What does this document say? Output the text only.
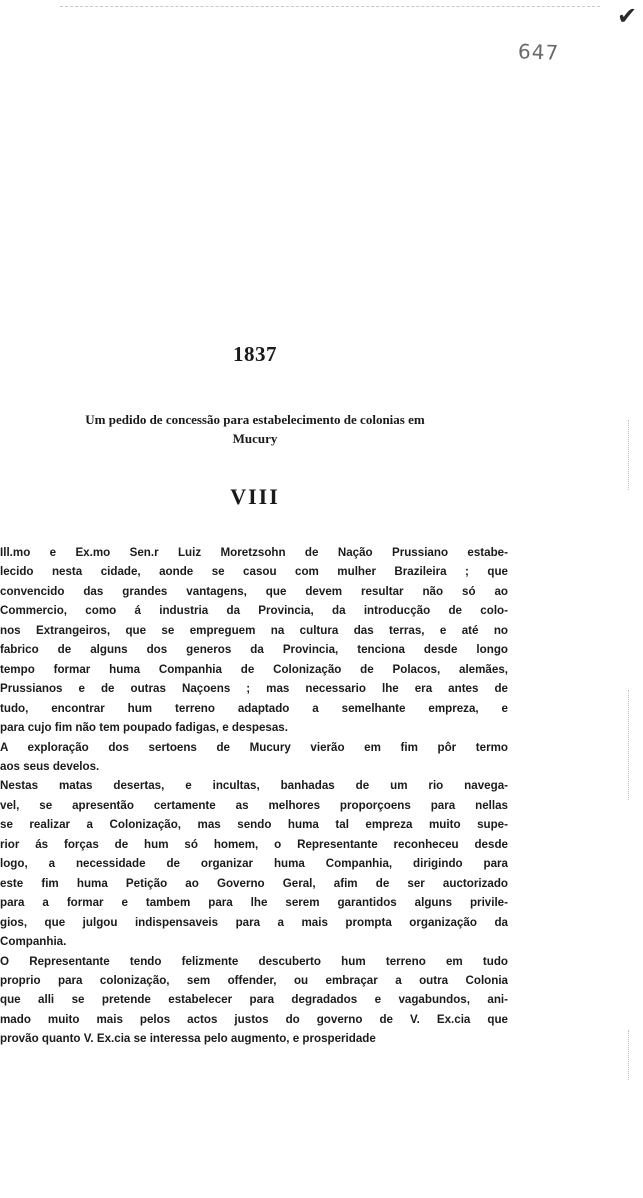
✔
647
1837
Um pedido de concessão para estabelecimento de colonias em
Mucury
VIII
Ill.mo e Ex.mo Sen.r Luiz Moretzsohn de Nação Prussiano estabe-
lecido nesta cidade, aonde se casou com mulher Brazileira ; que
convencido das grandes vantagens, que devem resultar não só ao
Commercio, como á industria da Provincia, da introducção de colo-
nos Extrangeiros, que se empreguem na cultura das terras, e até no
fabrico de alguns dos generos da Provincia, tenciona desde longo
tempo formar huma Companhia de Colonização de Polacos, alemães,
Prussianos e de outras Naçoens ; mas necessario lhe era antes de
tudo, encontrar hum terreno adaptado a semelhante empreza, e
para cujo fim não tem poupado fadigas, e despesas.
A exploração dos sertoens de Mucury vierão em fim pôr termo
aos seus develos.
Nestas matas desertas, e incultas, banhadas de um rio navega-
vel, se apresentão certamente as melhores proporçoens para nellas
se realizar a Colonização, mas sendo huma tal empreza muito supe-
rior ás forças de hum só homem, o Representante reconheceu desde
logo, a necessidade de organizar huma Companhia, dirigindo para
este fim huma Petição ao Governo Geral, afim de ser auctorizado
para a formar e tambem para lhe serem garantidos alguns privile-
gios, que julgou indispensaveis para a mais prompta organização da
Companhia.
O Representante tendo felizmente descuberto hum terreno em tudo
proprio para colonização, sem offender, ou embraçar a outra Colonia
que alli se pretende estabelecer para degradados e vagabundos, ani-
mado muito mais pelos actos justos do governo de V. Ex.cia que
provão quanto V. Ex.cia se interessa pelo augmento, e prosperidade
